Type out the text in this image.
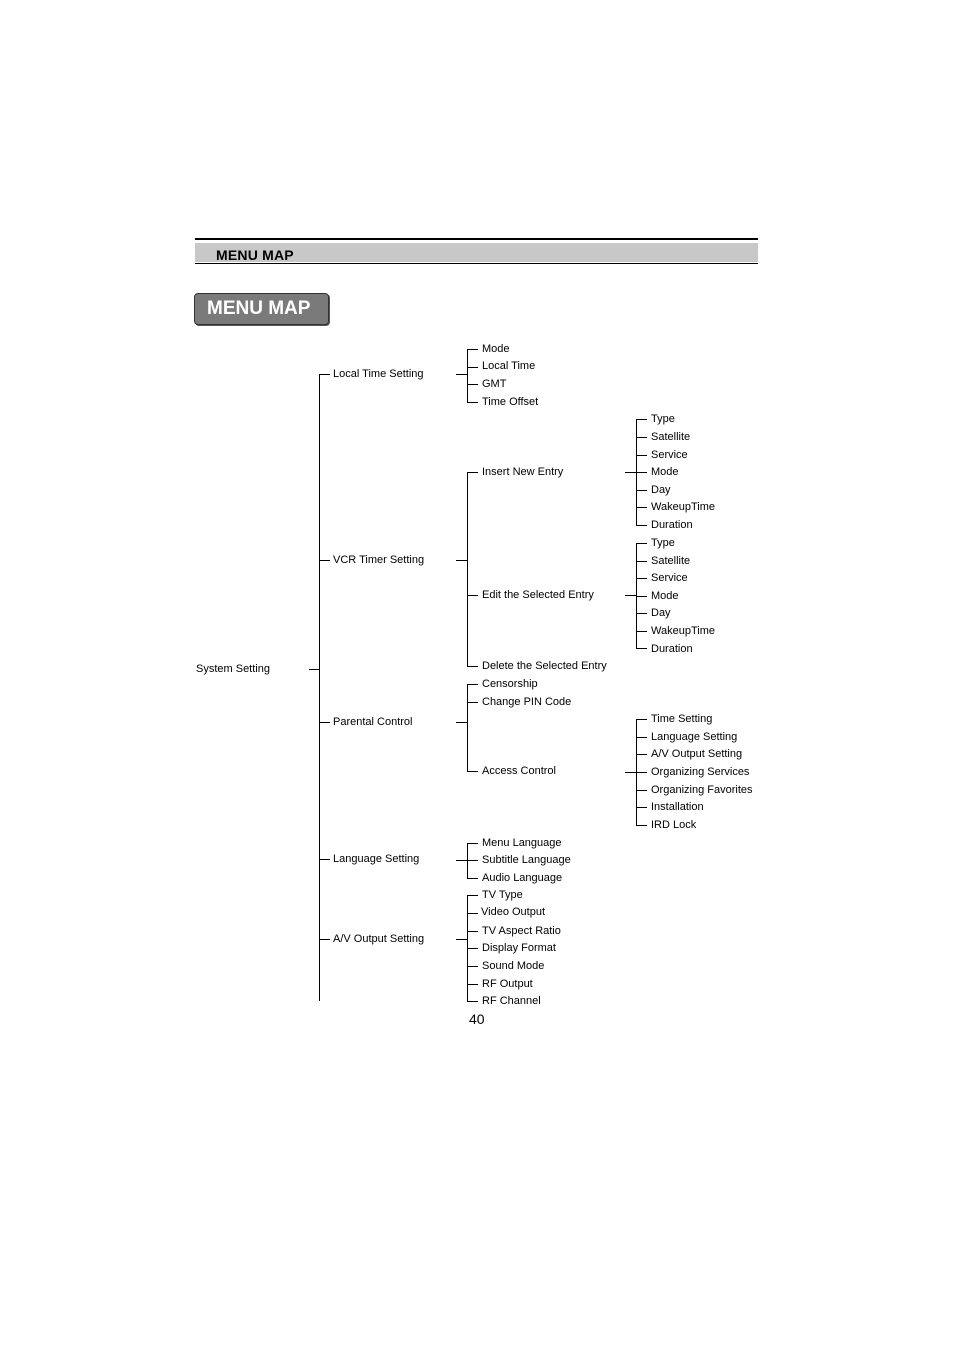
MENU MAP
MENU MAP
System Setting
Local Time Setting
VCR Timer Setting
Parental Control
Language Setting
A/V Output Setting
Mode
Local Time
GMT
Time Offset
Insert New Entry
Edit the Selected Entry
Delete the Selected Entry
Type
Satellite
Service
Mode
Day
WakeupTime
Duration
Type
Satellite
Service
Mode
Day
WakeupTime
Duration
Censorship
Change PIN Code
Access Control
Time Setting
Language Setting
A/V Output Setting
Organizing Services
Organizing Favorites
Installation
IRD Lock
Menu Language
Subtitle Language
Audio Language
TV Type
Video Output
TV Aspect Ratio
Display Format
Sound Mode
RF Output
RF Channel
40
